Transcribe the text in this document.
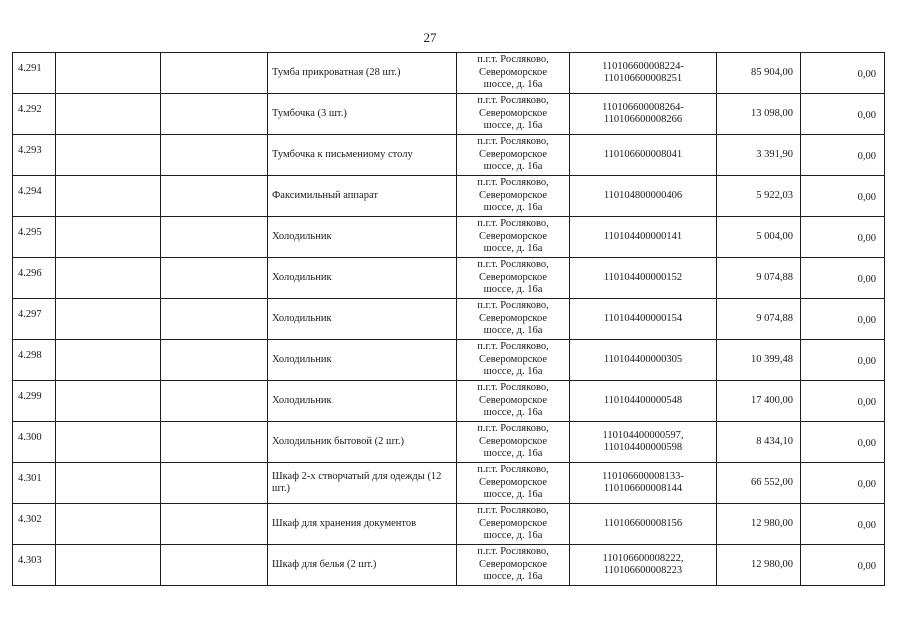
27
4.291			Тумба прикроватная (28 шт.)	п.г.т. Росляково,
Североморское
шоссе, д. 16а	110106600008224-
110106600008251	85 904,00	0,00
4.292			Тумбочка (3 шт.)	п.г.т. Росляково,
Североморское
шоссе, д. 16а	110106600008264-
110106600008266	13 098,00	0,00
4.293			Тумбочка к письмениому столу	п.г.т. Росляково,
Североморское
шоссе, д. 16а	110106600008041	3 391,90	0,00
4.294			Факсимильный аппарат	п.г.т. Росляково,
Североморское
шоссе, д. 16а	110104800000406	5 922,03	0,00
4.295			Холодильник	п.г.т. Росляково,
Североморское
шоссе, д. 16а	110104400000141	5 004,00	0,00
4.296			Холодильник	п.г.т. Росляково,
Североморское
шоссе, д. 16а	110104400000152	9 074,88	0,00
4.297			Холодильник	п.г.т. Росляково,
Североморское
шоссе, д. 16а	110104400000154	9 074,88	0,00
4.298			Холодильник	п.г.т. Росляково,
Североморское
шоссе, д. 16а	110104400000305	10 399,48	0,00
4.299			Холодильник	п.г.т. Росляково,
Североморское
шоссе, д. 16а	110104400000548	17 400,00	0,00
4.300			Холодильник бытовой (2 шт.)	п.г.т. Росляково,
Североморское
шоссе, д. 16а	110104400000597,
110104400000598	8 434,10	0,00
4.301			Шкаф 2-х створчатый для одежды (12 шт.)	п.г.т. Росляково,
Североморское
шоссе, д. 16а	110106600008133-
110106600008144	66 552,00	0,00
4.302			Шкаф для хранения документов	п.г.т. Росляково,
Североморское
шоссе, д. 16а	110106600008156	12 980,00	0,00
4.303			Шкаф для белья (2 шт.)	п.г.т. Росляково,
Североморское
шоссе, д. 16а	110106600008222,
110106600008223	12 980,00	0,00
